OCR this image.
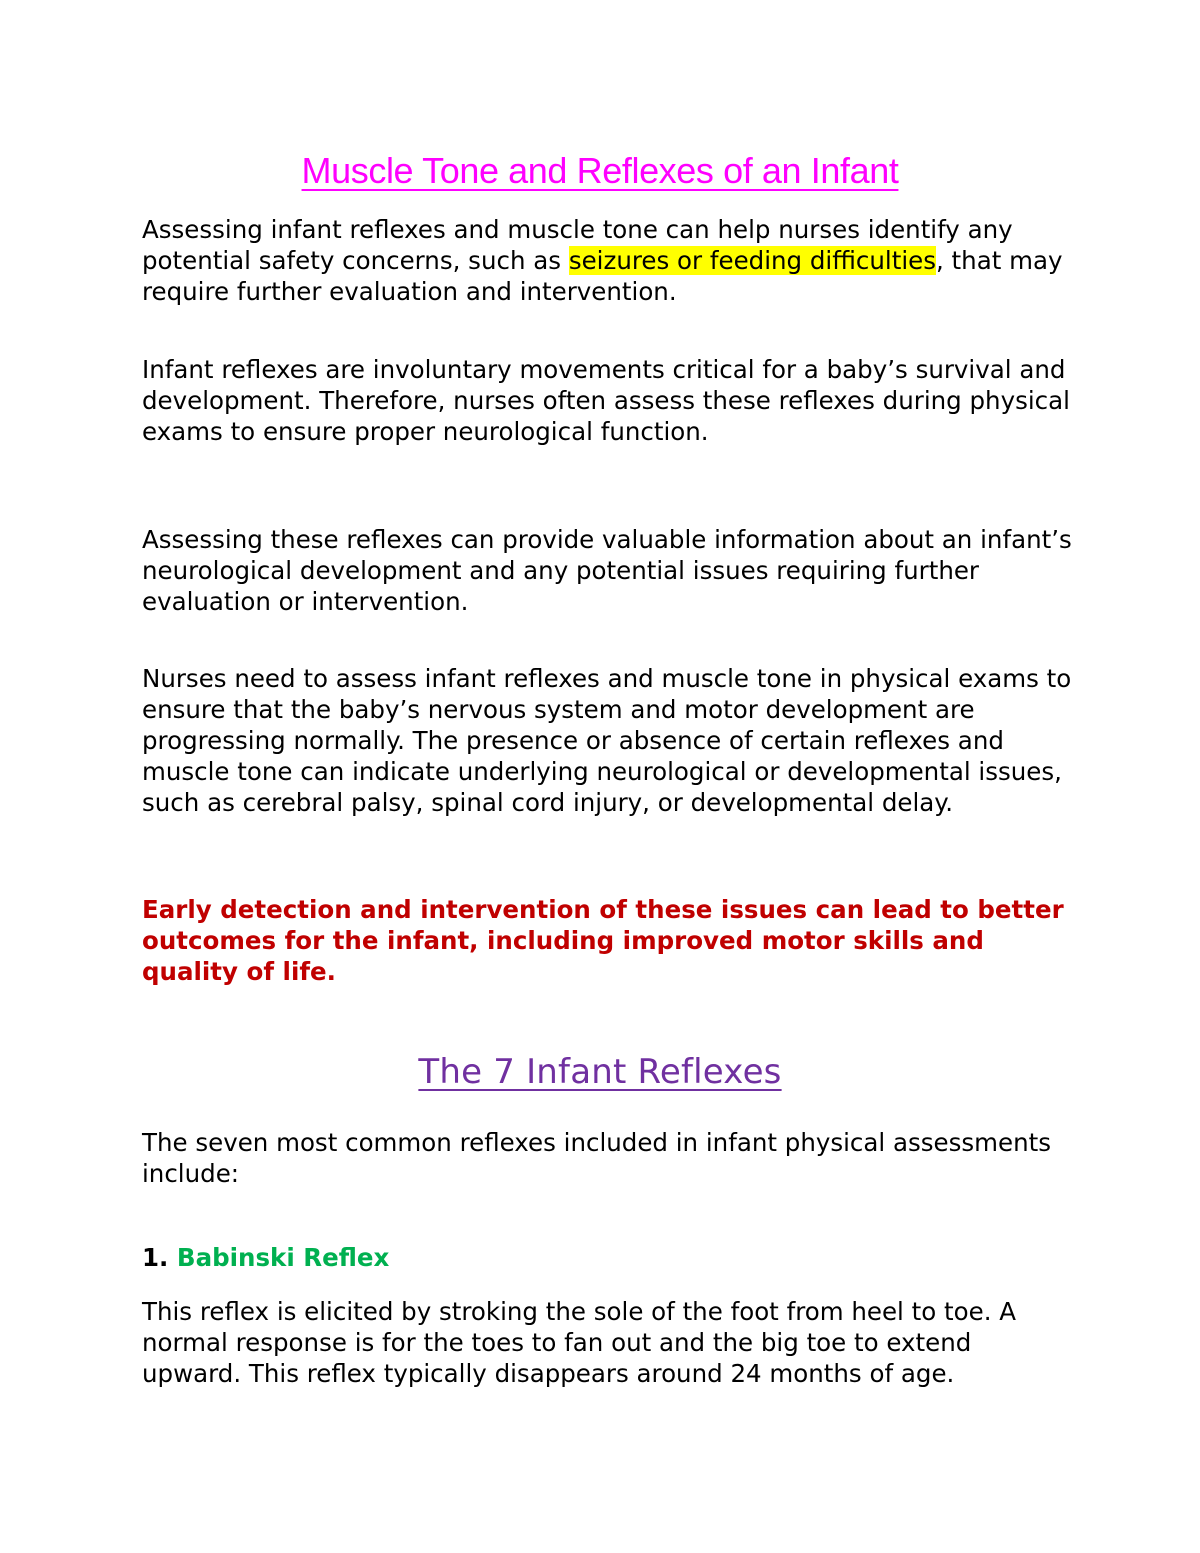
Muscle Tone and Reflexes of an Infant

Assessing infant reflexes and muscle tone can help nurses identify any potential safety concerns, such as seizures or feeding difficulties, that may require further evaluation and intervention.

Infant reflexes are involuntary movements critical for a baby’s survival and development. Therefore, nurses often assess these reflexes during physical exams to ensure proper neurological function.

Assessing these reflexes can provide valuable information about an infant’s neurological development and any potential issues requiring further evaluation or intervention.

Nurses need to assess infant reflexes and muscle tone in physical exams to ensure that the baby’s nervous system and motor development are progressing normally. The presence or absence of certain reflexes and muscle tone can indicate underlying neurological or developmental issues, such as cerebral palsy, spinal cord injury, or developmental delay.

Early detection and intervention of these issues can lead to better outcomes for the infant, including improved motor skills and quality of life.

The 7 Infant Reflexes

The seven most common reflexes included in infant physical assessments include:

1. Babinski Reflex

This reflex is elicited by stroking the sole of the foot from heel to toe. A normal response is for the toes to fan out and the big toe to extend upward. This reflex typically disappears around 24 months of age.
